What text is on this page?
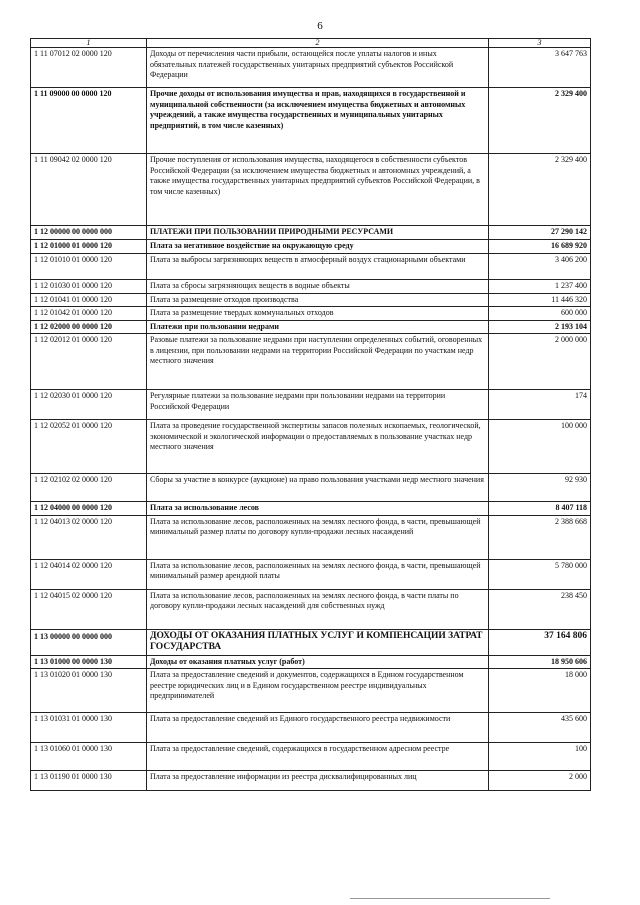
6
1	2	3
1 11 07012 02 0000 120	Доходы от перечисления части прибыли, остающейся после уплаты налогов и иных обязательных платежей государственных унитарных предприятий субъектов Российской Федерации	3 647 763
1 11 09000 00 0000 120	Прочие доходы от использования имущества и прав, находящихся в государственной и муниципальной собственности (за исключением имущества бюджетных и автономных учреждений, а также имущества государственных и муниципальных унитарных предприятий, в том числе казенных)	2 329 400
1 11 09042 02 0000 120	Прочие поступления от использования имущества, находящегося в собственности субъектов Российской Федерации (за исключением имущества бюджетных и автономных учреждений, а также имущества государственных унитарных предприятий субъектов Российской Федерации, в том числе казенных)	2 329 400
1 12 00000 00 0000 000	ПЛАТЕЖИ ПРИ ПОЛЬЗОВАНИИ ПРИРОДНЫМИ РЕСУРСАМИ	27 290 142
1 12 01000 01 0000 120	Плата за негативное воздействие на окружающую среду	16 689 920
1 12 01010 01 0000 120	Плата за выбросы загрязняющих веществ в атмосферный воздух стационарными объектами	3 406 200
1 12 01030 01 0000 120	Плата за сбросы загрязняющих веществ в водные объекты	1 237 400
1 12 01041 01 0000 120	Плата за размещение отходов производства	11 446 320
1 12 01042 01 0000 120	Плата за размещение твердых коммунальных отходов	600 000
1 12 02000 00 0000 120	Платежи при пользовании недрами	2 193 104
1 12 02012 01 0000 120	Разовые платежи за пользование недрами при наступлении определенных событий, оговоренных в лицензии, при пользовании недрами на территории Российской Федерации по участкам недр местного значения	2 000 000
1 12 02030 01 0000 120	Регулярные платежи за пользование недрами при пользовании недрами на территории Российской Федерации	174
1 12 02052 01 0000 120	Плата за проведение государственной экспертизы запасов полезных ископаемых, геологической, экономической и экологической информации о предоставляемых в пользование участках недр местного значения	100 000
1 12 02102 02 0000 120	Сборы за участие в конкурсе (аукционе) на право пользования участками недр местного значения	92 930
1 12 04000 00 0000 120	Плата за использование лесов	8 407 118
1 12 04013 02 0000 120	Плата за использование лесов, расположенных на землях лесного фонда, в части, превышающей минимальный размер платы по договору купли-продажи лесных насаждений	2 388 668
1 12 04014 02 0000 120	Плата за использование лесов, расположенных на землях лесного фонда, в части, превышающей минимальный размер арендной платы	5 780 000
1 12 04015 02 0000 120	Плата за использование лесов, расположенных на землях лесного фонда, в части платы по договору купли-продажи лесных насаждений для собственных нужд	238 450
1 13 00000 00 0000 000	ДОХОДЫ ОТ ОКАЗАНИЯ ПЛАТНЫХ УСЛУГ И КОМПЕНСАЦИИ ЗАТРАТ ГОСУДАРСТВА	37 164 806
1 13 01000 00 0000 130	Доходы от оказания платных услуг (работ)	18 950 606
1 13 01020 01 0000 130	Плата за предоставление сведений и документов, содержащихся в Едином государственном реестре юридических лиц и в Едином государственном реестре индивидуальных предпринимателей	18 000
1 13 01031 01 0000 130	Плата за предоставление сведений из Единого государственного реестра недвижимости	435 600
1 13 01060 01 0000 130	Плата за предоставление сведений, содержащихся в государственном адресном реестре	100
1 13 01190 01 0000 130	Плата за предоставление информации из реестра дисквалифицированных лиц	2 000
